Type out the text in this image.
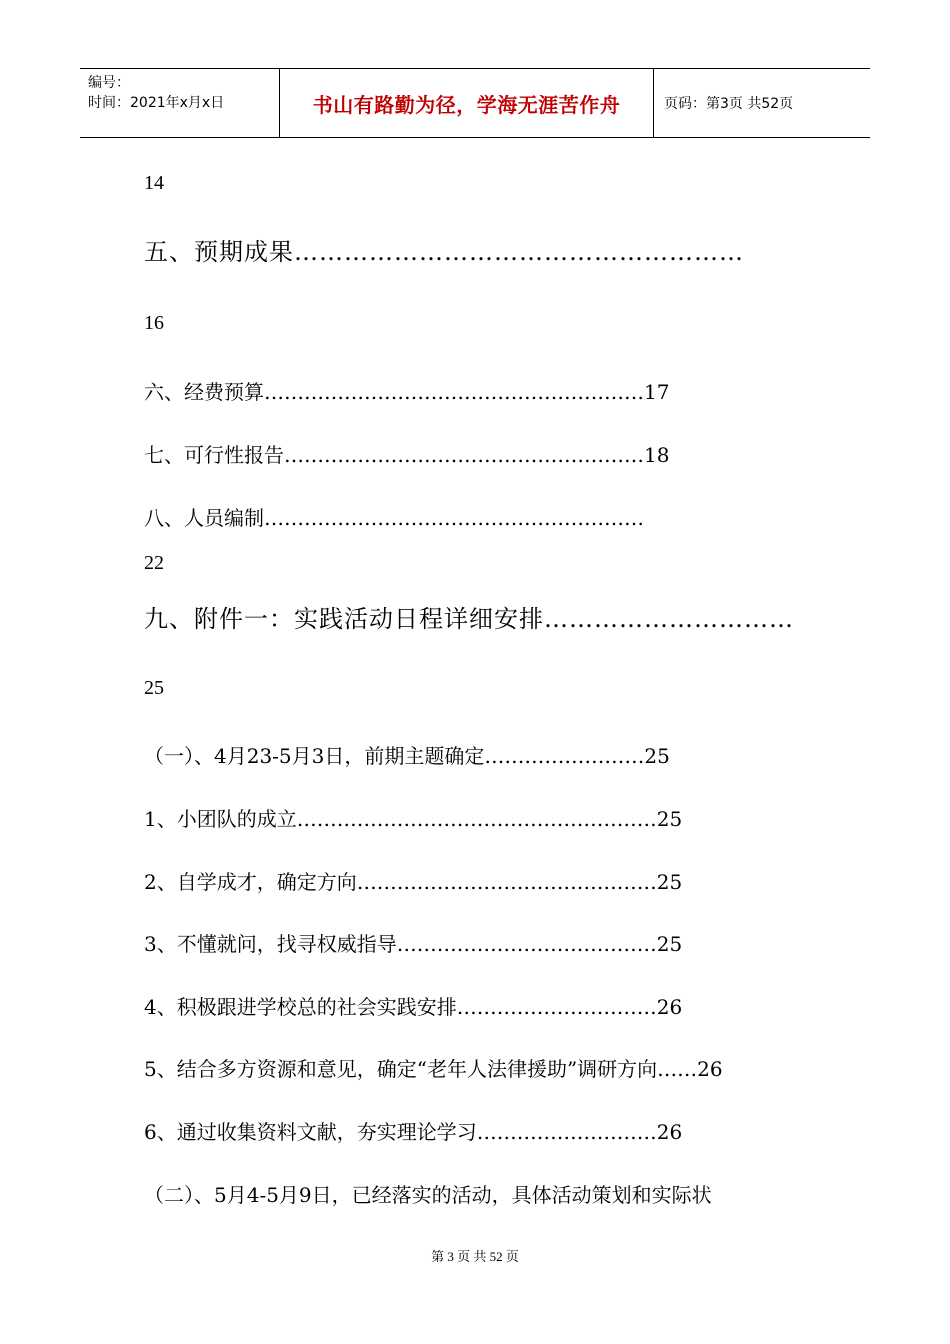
编号：
时间：2021年x月x日	书山有路勤为径，学海无涯苦作舟	页码：第3页 共52页
14
五、预期成果………………………………………………
16
六、经费预算…………………………………………………17
七、可行性报告………………………………………………18
八、人员编制…………………………………………………
22
九、附件一：实践活动日程详细安排…………………………
25
（一）、4月23-5月3日，前期主题确定……………………25
1、小团队的成立………………………………………………25
2、自学成才，确定方向………………………………………25
3、不懂就问，找寻权威指导…………………………………25
4、积极跟进学校总的社会实践安排…………………………26
5、结合多方资源和意见，确定“老年人法律援助”调研方向……26
6、通过收集资料文献，夯实理论学习………………………26
（二）、5月4-5月9日，已经落实的活动，具体活动策划和实际状
第 3 页 共 52 页
